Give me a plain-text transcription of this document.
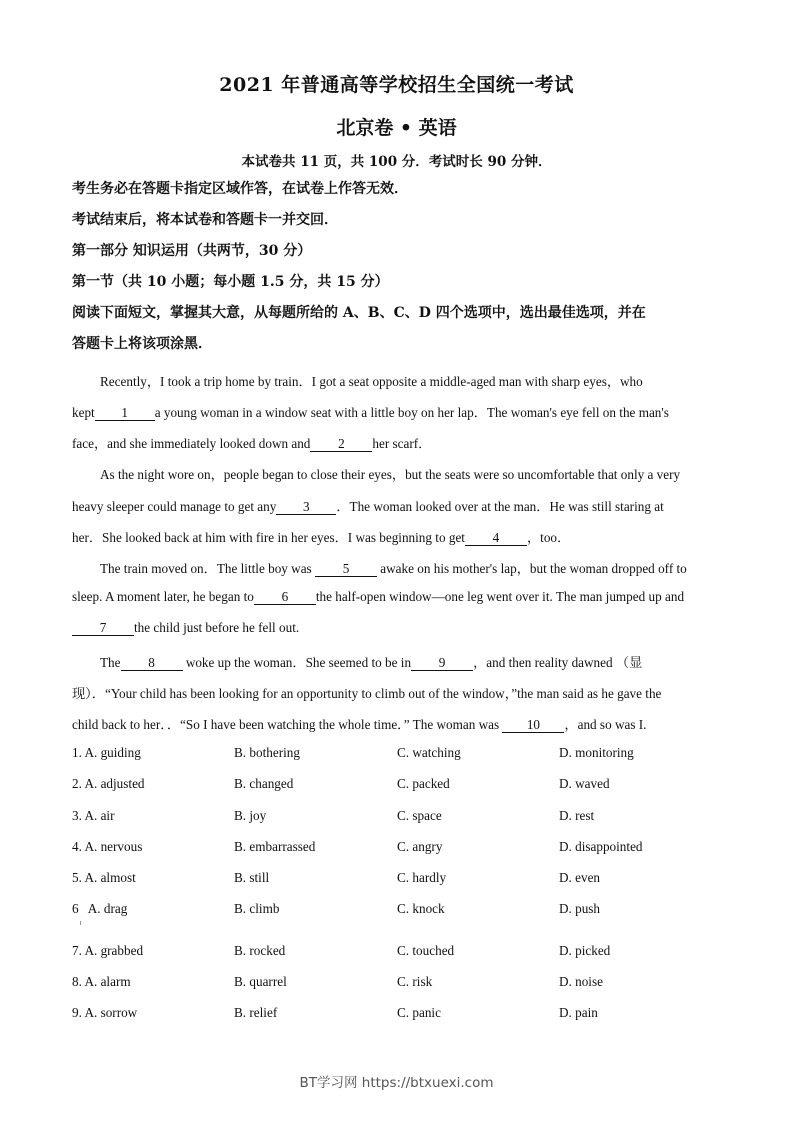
2021 年普通高等学校招生全国统一考试
北京卷 • 英语
本试卷共 11 页，共 100 分．考试时长 90 分钟．
考生务必在答题卡指定区域作答，在试卷上作答无效．
考试结束后，将本试卷和答题卡一并交回．
第一部分 知识运用（共两节，30 分）
第一节（共 10 小题；每小题 1.5 分，共 15 分）
阅读下面短文，掌握其大意，从每题所给的 A、B、C、D 四个选项中，选出最佳选项，并在
答题卡上将该项涂黑．
Recently，I took a trip home by train．I got a seat opposite a middle-aged man with sharp eyes，who
kept 1 a young woman in a window seat with a little boy on her lap．The woman's eye fell on the man's
face，and she immediately looked down and 2 her scarf．
As the night wore on，people began to close their eyes，but the seats were so uncomfortable that only a very
heavy sleeper could manage to get any 3 ．The woman looked over at the man．He was still staring at
her．She looked back at him with fire in her eyes．I was beginning to get 4 ，too．
The train moved on．The little boy was 5 awake on his mother's lap，but the woman dropped off to
sleep. A moment later, he began to 6 the half-open window—one leg went over it. The man jumped up and
7 the child just before he fell out.
The 8 woke up the woman．She seemed to be in 9 ，and then reality dawned （显
现）．“Your child has been looking for an opportunity to climb out of the window，”the man said as he gave the
child back to her．．“So I have been watching the whole time．” The woman was 10 ，and so was I.
1. A. guiding	B. bothering	C. watching	D. monitoring
2. A. adjusted	B. changed	C. packed	D. waved
3. A. air	B. joy	C. space	D. rest
4. A. nervous	B. embarrassed	C. angry	D. disappointed
5. A. almost	B. still	C. hardly	D. even
6   A. drag	B. climb	C. knock	D. push
7. A. grabbed	B. rocked	C. touched	D. picked
8. A. alarm	B. quarrel	C. risk	D. noise
9. A. sorrow	B. relief	C. panic	D. pain
BT学习网 https://btxuexi.com
